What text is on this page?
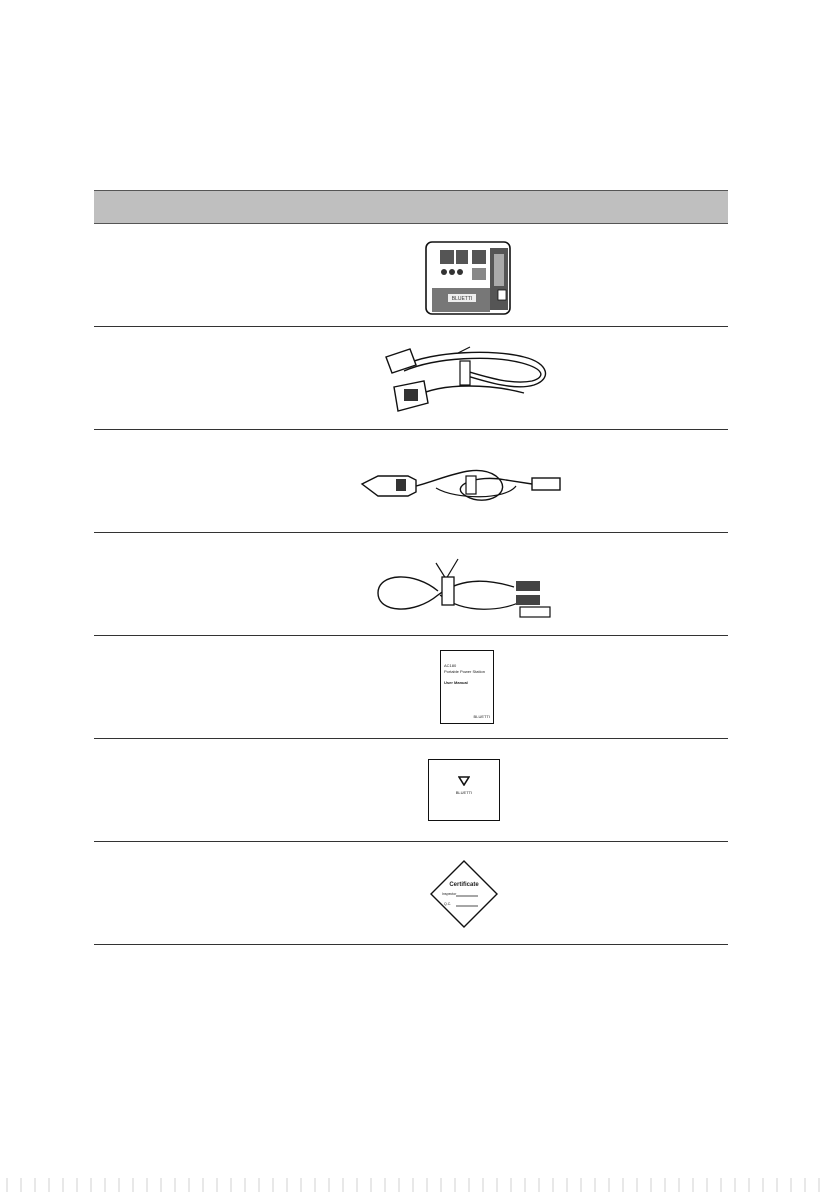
BLUETTI
AC180
Portable Power Station
User Manual
BLUETTI
BLUETTI
Certificate
Inspector
Q.C.
